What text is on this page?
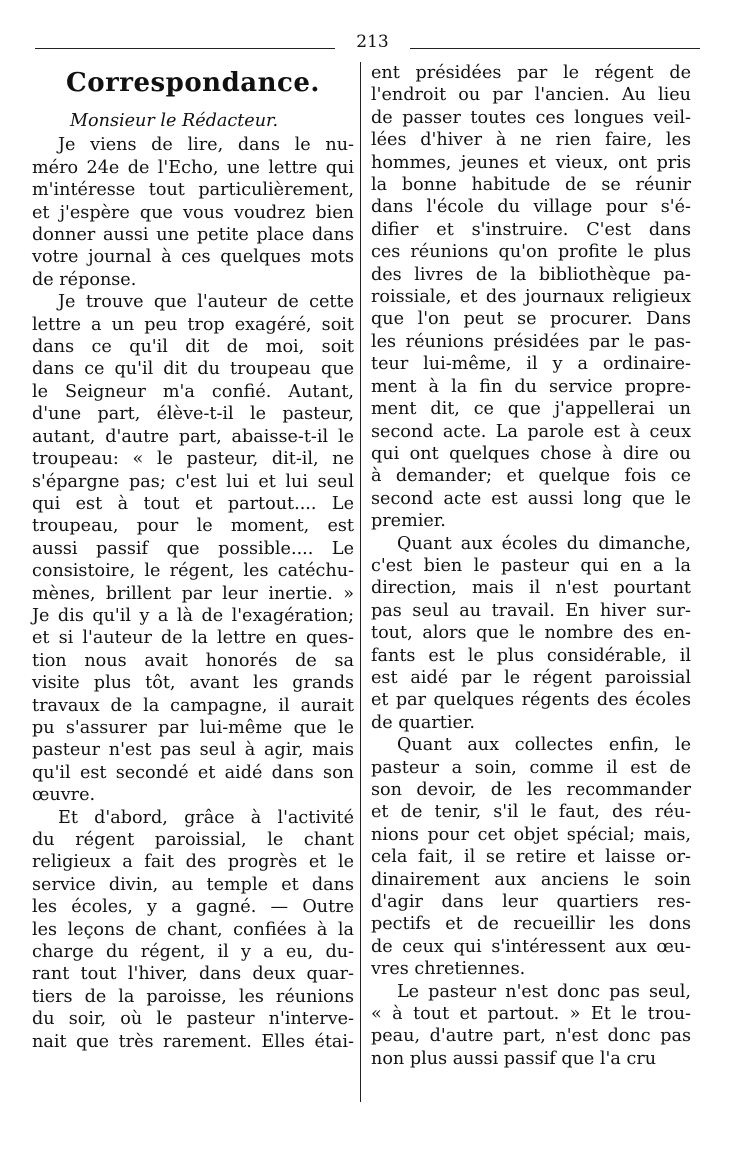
213
Correspondance.
Monsieur le Rédacteur.
Je viens de lire, dans le nu-
méro 24e de l'Echo, une lettre qui
m'intéresse tout particulièrement,
et j'espère que vous voudrez bien
donner aussi une petite place dans
votre journal à ces quelques mots
de réponse.
Je trouve que l'auteur de cette
lettre a un peu trop exagéré, soit
dans ce qu'il dit de moi, soit
dans ce qu'il dit du troupeau que
le Seigneur m'a confié. Autant,
d'une part, élève-t-il le pasteur,
autant, d'autre part, abaisse-t-il le
troupeau: « le pasteur, dit-il, ne
s'épargne pas; c'est lui et lui seul
qui est à tout et partout.... Le
troupeau, pour le moment, est
aussi passif que possible.... Le
consistoire, le régent, les catéchu-
mènes, brillent par leur inertie. »
Je dis qu'il y a là de l'exagération;
et si l'auteur de la lettre en ques-
tion nous avait honorés de sa
visite plus tôt, avant les grands
travaux de la campagne, il aurait
pu s'assurer par lui-même que le
pasteur n'est pas seul à agir, mais
qu'il est secondé et aidé dans son
œuvre.
Et d'abord, grâce à l'activité
du régent paroissial, le chant
religieux a fait des progrès et le
service divin, au temple et dans
les écoles, y a gagné. — Outre
les leçons de chant, confiées à la
charge du régent, il y a eu, du-
rant tout l'hiver, dans deux quar-
tiers de la paroisse, les réunions
du soir, où le pasteur n'interve-
nait que très rarement. Elles étai-
ent présidées par le régent de
l'endroit ou par l'ancien. Au lieu
de passer toutes ces longues veil-
lées d'hiver à ne rien faire, les
hommes, jeunes et vieux, ont pris
la bonne habitude de se réunir
dans l'école du village pour s'é-
difier et s'instruire. C'est dans
ces réunions qu'on profite le plus
des livres de la bibliothèque pa-
roissiale, et des journaux religieux
que l'on peut se procurer. Dans
les réunions présidées par le pas-
teur lui-même, il y a ordinaire-
ment à la fin du service propre-
ment dit, ce que j'appellerai un
second acte. La parole est à ceux
qui ont quelques chose à dire ou
à demander; et quelque fois ce
second acte est aussi long que le
premier.
Quant aux écoles du dimanche,
c'est bien le pasteur qui en a la
direction, mais il n'est pourtant
pas seul au travail. En hiver sur-
tout, alors que le nombre des en-
fants est le plus considérable, il
est aidé par le régent paroissial
et par quelques régents des écoles
de quartier.
Quant aux collectes enfin, le
pasteur a soin, comme il est de
son devoir, de les recommander
et de tenir, s'il le faut, des réu-
nions pour cet objet spécial; mais,
cela fait, il se retire et laisse or-
dinairement aux anciens le soin
d'agir dans leur quartiers res-
pectifs et de recueillir les dons
de ceux qui s'intéressent aux œu-
vres chretiennes.
Le pasteur n'est donc pas seul,
« à tout et partout. » Et le trou-
peau, d'autre part, n'est donc pas
non plus aussi passif que l'a cru
